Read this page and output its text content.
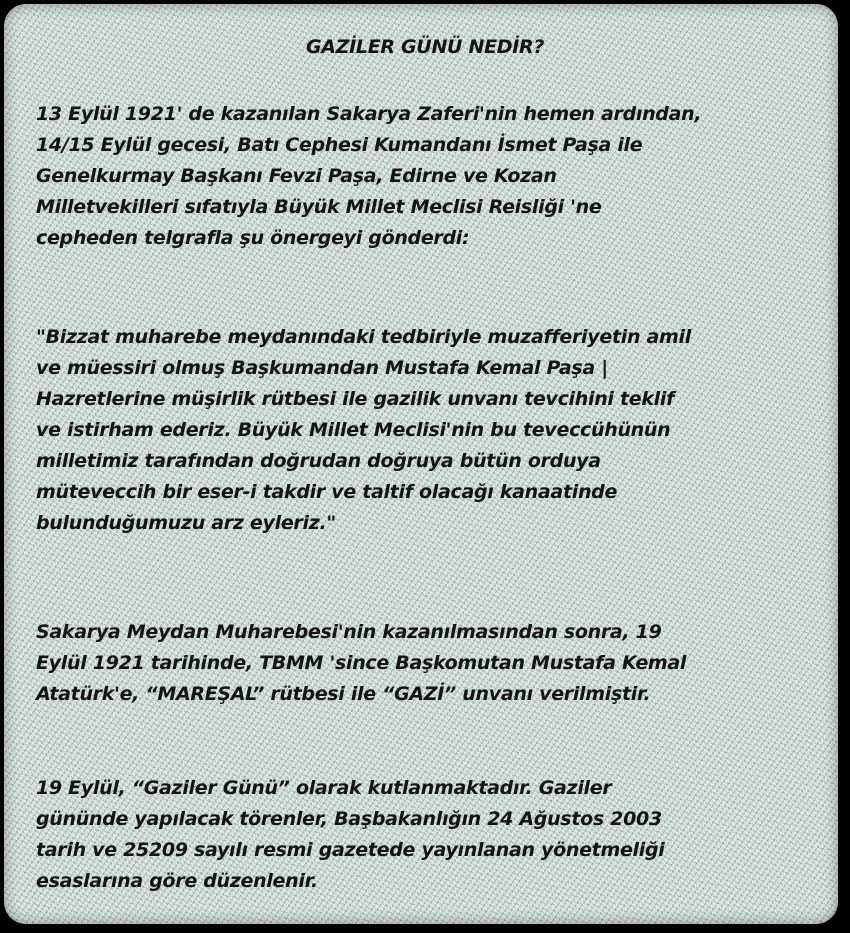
GAZİLER GÜNÜ NEDİR?
13 Eylül 1921' de kazanılan Sakarya Zaferi'nin hemen ardından,
14/15 Eylül gecesi, Batı Cephesi Kumandanı İsmet Paşa ile
Genelkurmay Başkanı Fevzi Paşa, Edirne ve Kozan
Milletvekilleri sıfatıyla Büyük Millet Meclisi Reisliği 'ne
cepheden telgrafla şu önergeyi gönderdi:
"Bizzat muharebe meydanındaki tedbiriyle muzafferiyetin amil
ve müessiri olmuş Başkumandan Mustafa Kemal Paşa |
Hazretlerine müşirlik rütbesi ile gazilik unvanı tevcihini teklif
ve istirham ederiz. Büyük Millet Meclisi'nin bu teveccühünün
milletimiz tarafından doğrudan doğruya bütün orduya
müteveccih bir eser-i takdir ve taltif olacağı kanaatinde
bulunduğumuzu arz eyleriz."
Sakarya Meydan Muharebesi'nin kazanılmasından sonra, 19
Eylül 1921 tarihinde, TBMM 'since Başkomutan Mustafa Kemal
Atatürk'e, “MAREŞAL” rütbesi ile “GAZİ” unvanı verilmiştir.
19 Eylül, “Gaziler Günü” olarak kutlanmaktadır. Gaziler
gününde yapılacak törenler, Başbakanlığın 24 Ağustos 2003
tarih ve 25209 sayılı resmi gazetede yayınlanan yönetmeliği
esaslarına göre düzenlenir.
